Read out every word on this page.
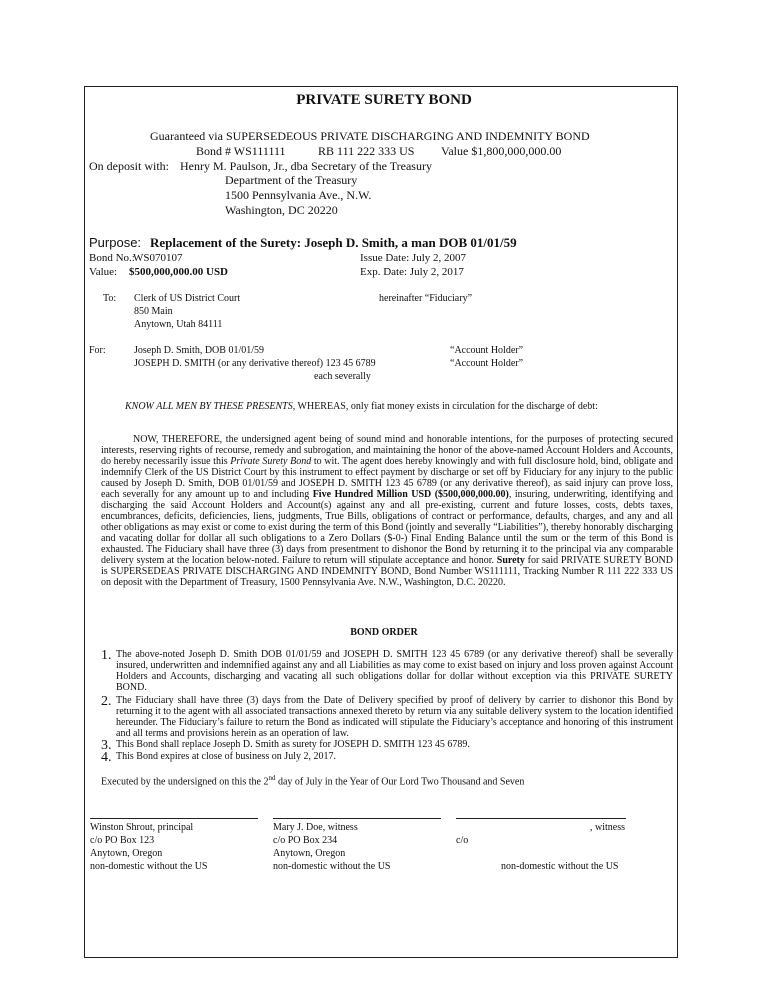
PRIVATE SURETY BOND
Guaranteed via SUPERSEDEOUS PRIVATE DISCHARGING AND INDEMNITY BOND
Bond # WS111111	RB 111 222 333 US Value $1,800,000,000.00
On deposit with: Henry M. Paulson, Jr., dba Secretary of the Treasury
Department of the Treasury
1500 Pennsylvania Ave., N.W.
Washington, DC 20220
Purpose: Replacement of the Surety: Joseph D. Smith, a man DOB 01/01/59
Bond No.:
WS070107
Value: $500,000,000.00 USD
Issue Date: July 2, 2007
Exp. Date: July 2, 2017
To: Clerk of US District Court
850 Main
Anytown, Utah 84111
hereinafter “Fiduciary”
For:	Joseph D. Smith, DOB 01/01/59
JOSEPH D. SMITH (or any derivative thereof) 123 45 6789
“Account Holder”
“Account Holder”
each severally
KNOW ALL MEN BY THESE PRESENTS, WHEREAS, only fiat money exists in circulation for the discharge of debt:
NOW, THEREFORE, the undersigned agent being of sound mind and honorable intentions, for the purposes of protecting secured interests, reserving rights of recourse, remedy and subrogation, and maintaining the honor of the above-named Account Holders and Accounts, do hereby necessarily issue this Private Surety Bond to wit. The agent does hereby knowingly and with full disclosure hold, bind, obligate and indemnify Clerk of the US District Court by this instrument to effect payment by discharge or set off by Fiduciary for any injury to the public caused by Joseph D. Smith, DOB 01/01/59 and JOSEPH D. SMITH 123 45 6789 (or any derivative thereof), as said injury can prove loss, each severally for any amount up to and including Five Hundred Million USD ($500,000,000.00), insuring, underwriting, identifying and discharging the said Account Holders and Account(s) against any and all pre-existing, current and future losses, costs, debts taxes, encumbrances, deficits, deficiencies, liens, judgments, True Bills, obligations of contract or performance, defaults, charges, and any and all other obligations as may exist or come to exist during the term of this Bond (jointly and severally “Liabilities”), thereby honorably discharging and vacating dollar for dollar all such obligations to a Zero Dollars ($-0-) Final Ending Balance until the sum or the term of this Bond is exhausted. The Fiduciary shall have three (3) days from presentment to dishonor the Bond by returning it to the principal via any comparable delivery system at the location below-noted. Failure to return will stipulate acceptance and honor. Surety for said PRIVATE SURETY BOND is SUPERSEDEAS PRIVATE DISCHARGING AND INDEMNITY BOND, Bond Number WS111111, Tracking Number R 111 222 333 US on deposit with the Department of Treasury, 1500 Pennsylvania Ave. N.W., Washington, D.C. 20220.
BOND ORDER
1. The above-noted Joseph D. Smith DOB 01/01/59 and JOSEPH D. SMITH 123 45 6789 (or any derivative thereof) shall be severally insured, underwritten and indemnified against any and all Liabilities as may come to exist based on injury and loss proven against Account Holders and Accounts, discharging and vacating all such obligations dollar for dollar without exception via this PRIVATE SURETY BOND.
2. The Fiduciary shall have three (3) days from the Date of Delivery specified by proof of delivery by carrier to dishonor this Bond by returning it to the agent with all associated transactions annexed thereto by return via any suitable delivery system to the location identified hereunder. The Fiduciary’s failure to return the Bond as indicated will stipulate the Fiduciary’s acceptance and honoring of this instrument and all terms and provisions herein as an operation of law.
3. This Bond shall replace Joseph D. Smith as surety for JOSEPH D. SMITH 123 45 6789.
4. This Bond expires at close of business on July 2, 2017.
Executed by the undersigned on this the 2nd day of July in the Year of Our Lord Two Thousand and Seven
Winston Shrout, principal
c/o PO Box 123
Anytown, Oregon
non-domestic without the US
Mary J. Doe, witness
c/o PO Box 234
Anytown, Oregon
non-domestic without the US
, witness
c/o
non-domestic without the US
